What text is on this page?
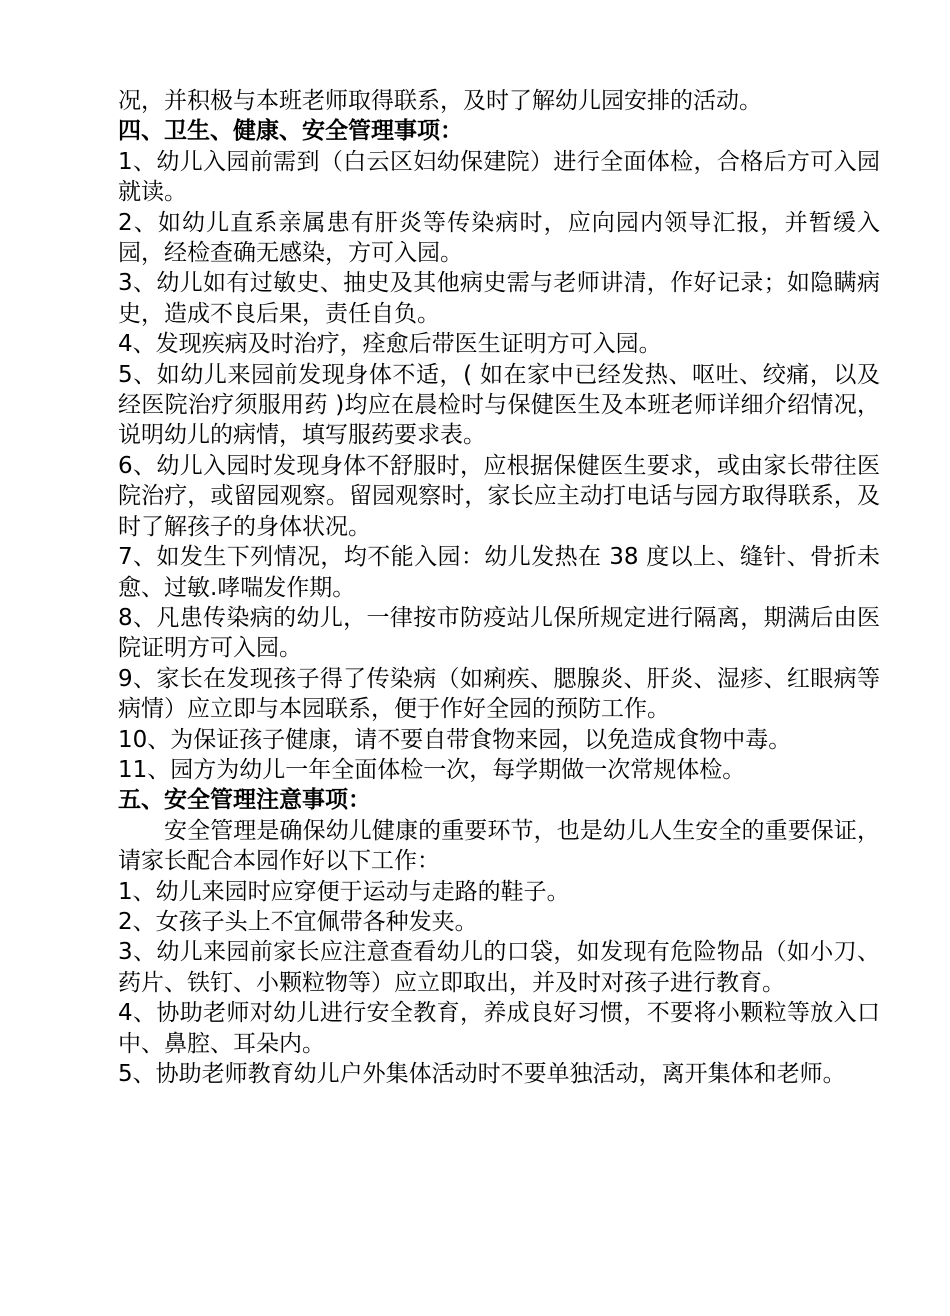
况，并积极与本班老师取得联系，及时了解幼儿园安排的活动。

四、卫生、健康、安全管理事项：

1、幼儿入园前需到（白云区妇幼保建院）进行全面体检，合格后方可入园就读。

2、如幼儿直系亲属患有肝炎等传染病时，应向园内领导汇报，并暂缓入园，经检查确无感染，方可入园。

3、幼儿如有过敏史、抽史及其他病史需与老师讲清，作好记录；如隐瞒病史，造成不良后果，责任自负。

4、发现疾病及时治疗，痊愈后带医生证明方可入园。

5、如幼儿来园前发现身体不适，( 如在家中已经发热、呕吐、绞痛，以及经医院治疗须服用药 )均应在晨检时与保健医生及本班老师详细介绍情况，说明幼儿的病情，填写服药要求表。

6、幼儿入园时发现身体不舒服时，应根据保健医生要求，或由家长带往医院治疗，或留园观察。留园观察时，家长应主动打电话与园方取得联系，及时了解孩子的身体状况。

7、如发生下列情况，均不能入园：幼儿发热在 38 度以上、缝针、骨折未愈、过敏.哮喘发作期。

8、凡患传染病的幼儿，一律按市防疫站儿保所规定进行隔离，期满后由医院证明方可入园。

9、家长在发现孩子得了传染病（如痢疾、腮腺炎、肝炎、湿疹、红眼病等病情）应立即与本园联系，便于作好全园的预防工作。

10、为保证孩子健康，请不要自带食物来园，以免造成食物中毒。

11、园方为幼儿一年全面体检一次，每学期做一次常规体检。

五、安全管理注意事项：

安全管理是确保幼儿健康的重要环节，也是幼儿人生安全的重要保证，请家长配合本园作好以下工作：

1、幼儿来园时应穿便于运动与走路的鞋子。

2、女孩子头上不宜佩带各种发夹。

3、幼儿来园前家长应注意查看幼儿的口袋，如发现有危险物品（如小刀、药片、铁钉、小颗粒物等）应立即取出，并及时对孩子进行教育。

4、协助老师对幼儿进行安全教育，养成良好习惯，不要将小颗粒等放入口中、鼻腔、耳朵内。

5、协助老师教育幼儿户外集体活动时不要单独活动，离开集体和老师。
